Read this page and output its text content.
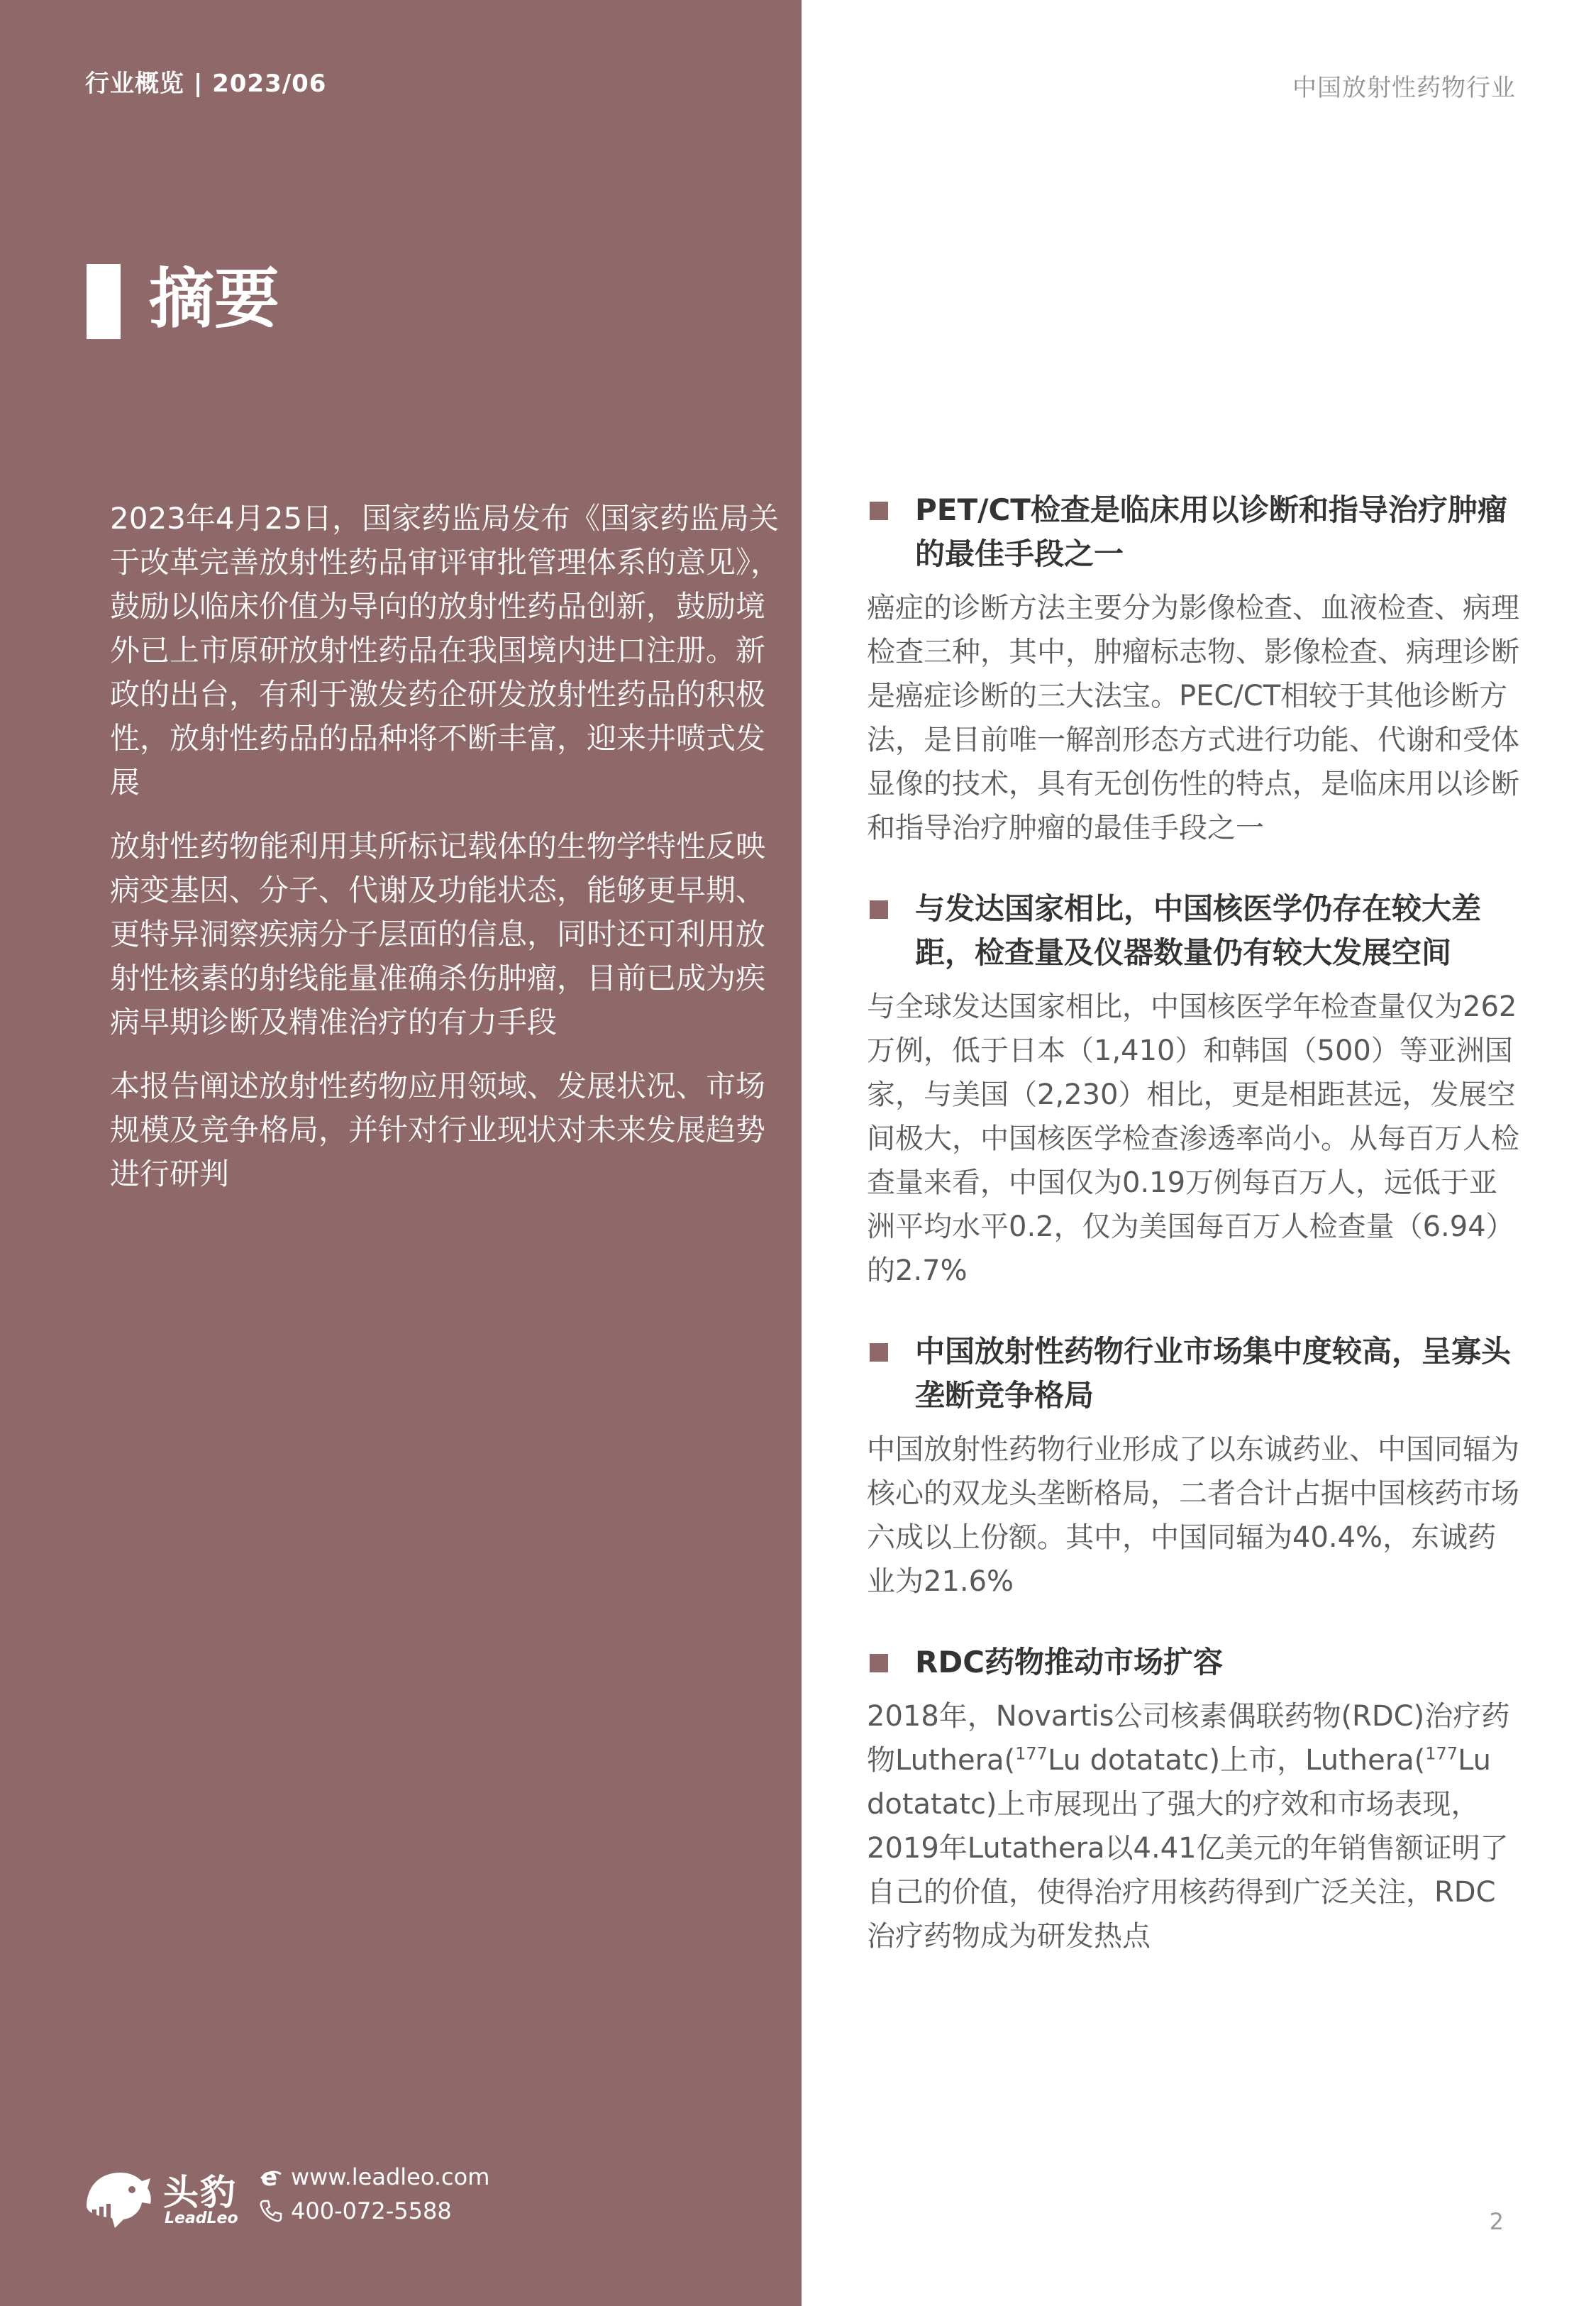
行业概览 | 2023/06	中国放射性药物行业
摘要

2023年4月25日，国家药监局发布《国家药监局关于改革完善放射性药品审评审批管理体系的意见》，鼓励以临床价值为导向的放射性药品创新，鼓励境外已上市原研放射性药品在我国境内进口注册。新政的出台，有利于激发药企研发放射性药品的积极性，放射性药品的品种将不断丰富，迎来井喷式发展

放射性药物能利用其所标记载体的生物学特性反映病变基因、分子、代谢及功能状态，能够更早期、更特异洞察疾病分子层面的信息，同时还可利用放射性核素的射线能量准确杀伤肿瘤，目前已成为疾病早期诊断及精准治疗的有力手段

本报告阐述放射性药物应用领域、发展状况、市场规模及竞争格局，并针对行业现状对未来发展趋势进行研判

PET/CT检查是临床用以诊断和指导治疗肿瘤的最佳手段之一

癌症的诊断方法主要分为影像检查、血液检查、病理检查三种，其中，肿瘤标志物、影像检查、病理诊断是癌症诊断的三大法宝。PEC/CT相较于其他诊断方法，是目前唯一解剖形态方式进行功能、代谢和受体显像的技术，具有无创伤性的特点，是临床用以诊断和指导治疗肿瘤的最佳手段之一

与发达国家相比，中国核医学仍存在较大差距，检查量及仪器数量仍有较大发展空间

与全球发达国家相比，中国核医学年检查量仅为262万例，低于日本（1,410）和韩国（500）等亚洲国家，与美国（2,230）相比，更是相距甚远，发展空间极大，中国核医学检查渗透率尚小。从每百万人检查量来看，中国仅为0.19万例每百万人，远低于亚洲平均水平0.2，仅为美国每百万人检查量（6.94）的2.7%

中国放射性药物行业市场集中度较高，呈寡头垄断竞争格局

中国放射性药物行业形成了以东诚药业、中国同辐为核心的双龙头垄断格局，二者合计占据中国核药市场六成以上份额。其中，中国同辐为40.4%，东诚药业为21.6%

RDC药物推动市场扩容

2018年，Novartis公司核素偶联药物(RDC)治疗药物Luthera($^{177}$Lu dotatatc)上市，Luthera($^{177}$Lu dotatatc)上市展现出了强大的疗效和市场表现，2019年Lutathera以4.41亿美元的年销售额证明了自己的价值，使得治疗用核药得到广泛关注，RDC治疗药物成为研发热点

头豹
LeadLeo
e www.leadleo.com
400-072-5588	2
